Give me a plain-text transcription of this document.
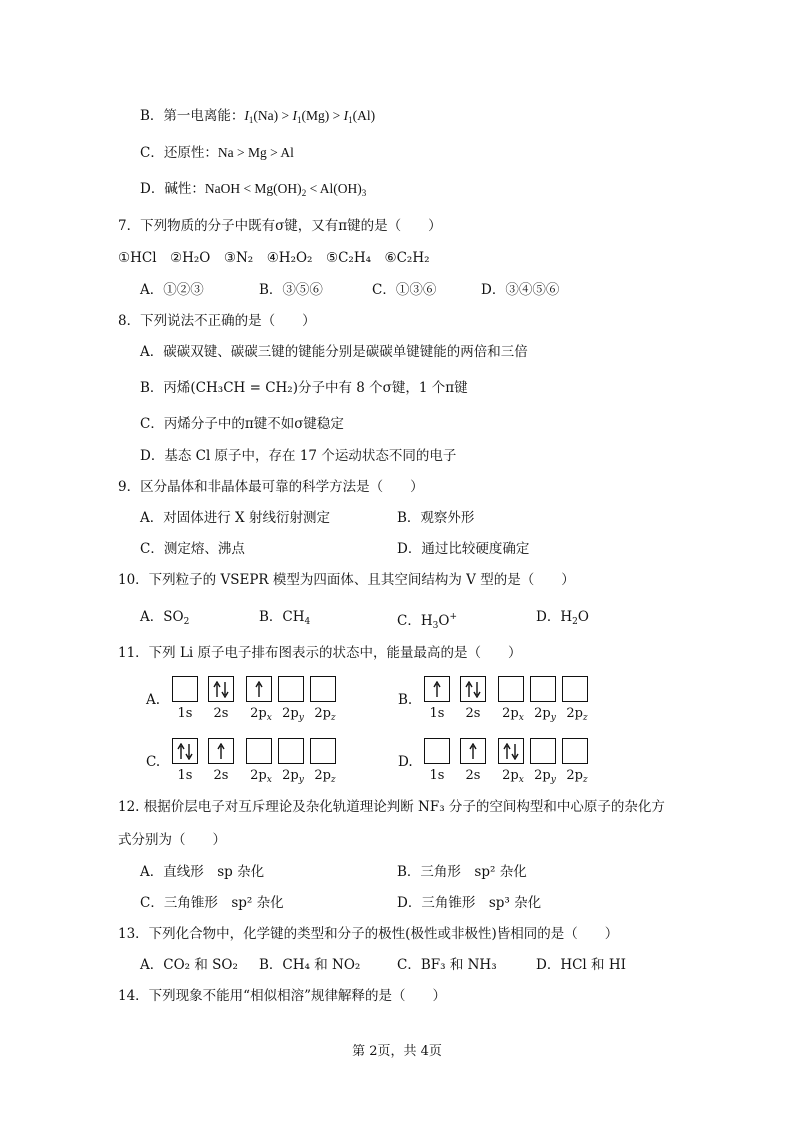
B．第一电离能：$I_1(Na) > I_1(Mg) > I_1(Al)$
C．还原性：Na > Mg > Al
D．碱性：NaOH < $Mg(OH)_2 < Al(OH)_3$
7．下列物质的分子中既有σ键，又有π键的是（　　）
①HCl　②H₂O　③N₂　④H₂O₂　⑤C₂H₄　⑥C₂H₂
A．①②③	B．③⑤⑥	C．①③⑥	D．③④⑤⑥
8．下列说法不正确的是（　　）
A．碳碳双键、碳碳三键的键能分别是碳碳单键键能的两倍和三倍
B．丙烯(CH₃CH = CH₂)分子中有 8 个σ键，1 个π键
C．丙烯分子中的π键不如σ键稳定
D．基态 Cl 原子中，存在 17 个运动状态不同的电子
9．区分晶体和非晶体最可靠的科学方法是（　　）
A．对固体进行 X 射线衍射测定	B．观察外形
C．测定熔、沸点	D．通过比较硬度确定
10．下列粒子的 VSEPR 模型为四面体、且其空间结构为 V 型的是（　　）
A．$SO_2$	B．$CH_4$	C．$H_3O^+$	D．$H_2O$
11．下列 Li 原子电子排布图表示的状态中，能量最高的是（　　）
A.
1s	2s	$2p_x$ $2p_y$ $2p_z$
B.
1s	2s	$2p_x$ $2p_y$ $2p_z$
C.
1s	2s	$2p_x$ $2p_y$ $2p_z$
D.
1s	2s	$2p_x$ $2p_y$ $2p_z$
12. 根据价层电子对互斥理论及杂化轨道理论判断 NF₃ 分子的空间构型和中心原子的杂化方
式分别为（　　）
A．直线形　sp 杂化	B．三角形　sp² 杂化
C．三角锥形　sp² 杂化	D．三角锥形　sp³ 杂化
13．下列化合物中，化学键的类型和分子的极性(极性或非极性)皆相同的是（　　）
A．CO₂ 和 SO₂ B．CH₄ 和 NO₂	C．BF₃ 和 NH₃	D．HCl 和 HI
14．下列现象不能用“相似相溶”规律解释的是（　　）
第 2页，共 4页
